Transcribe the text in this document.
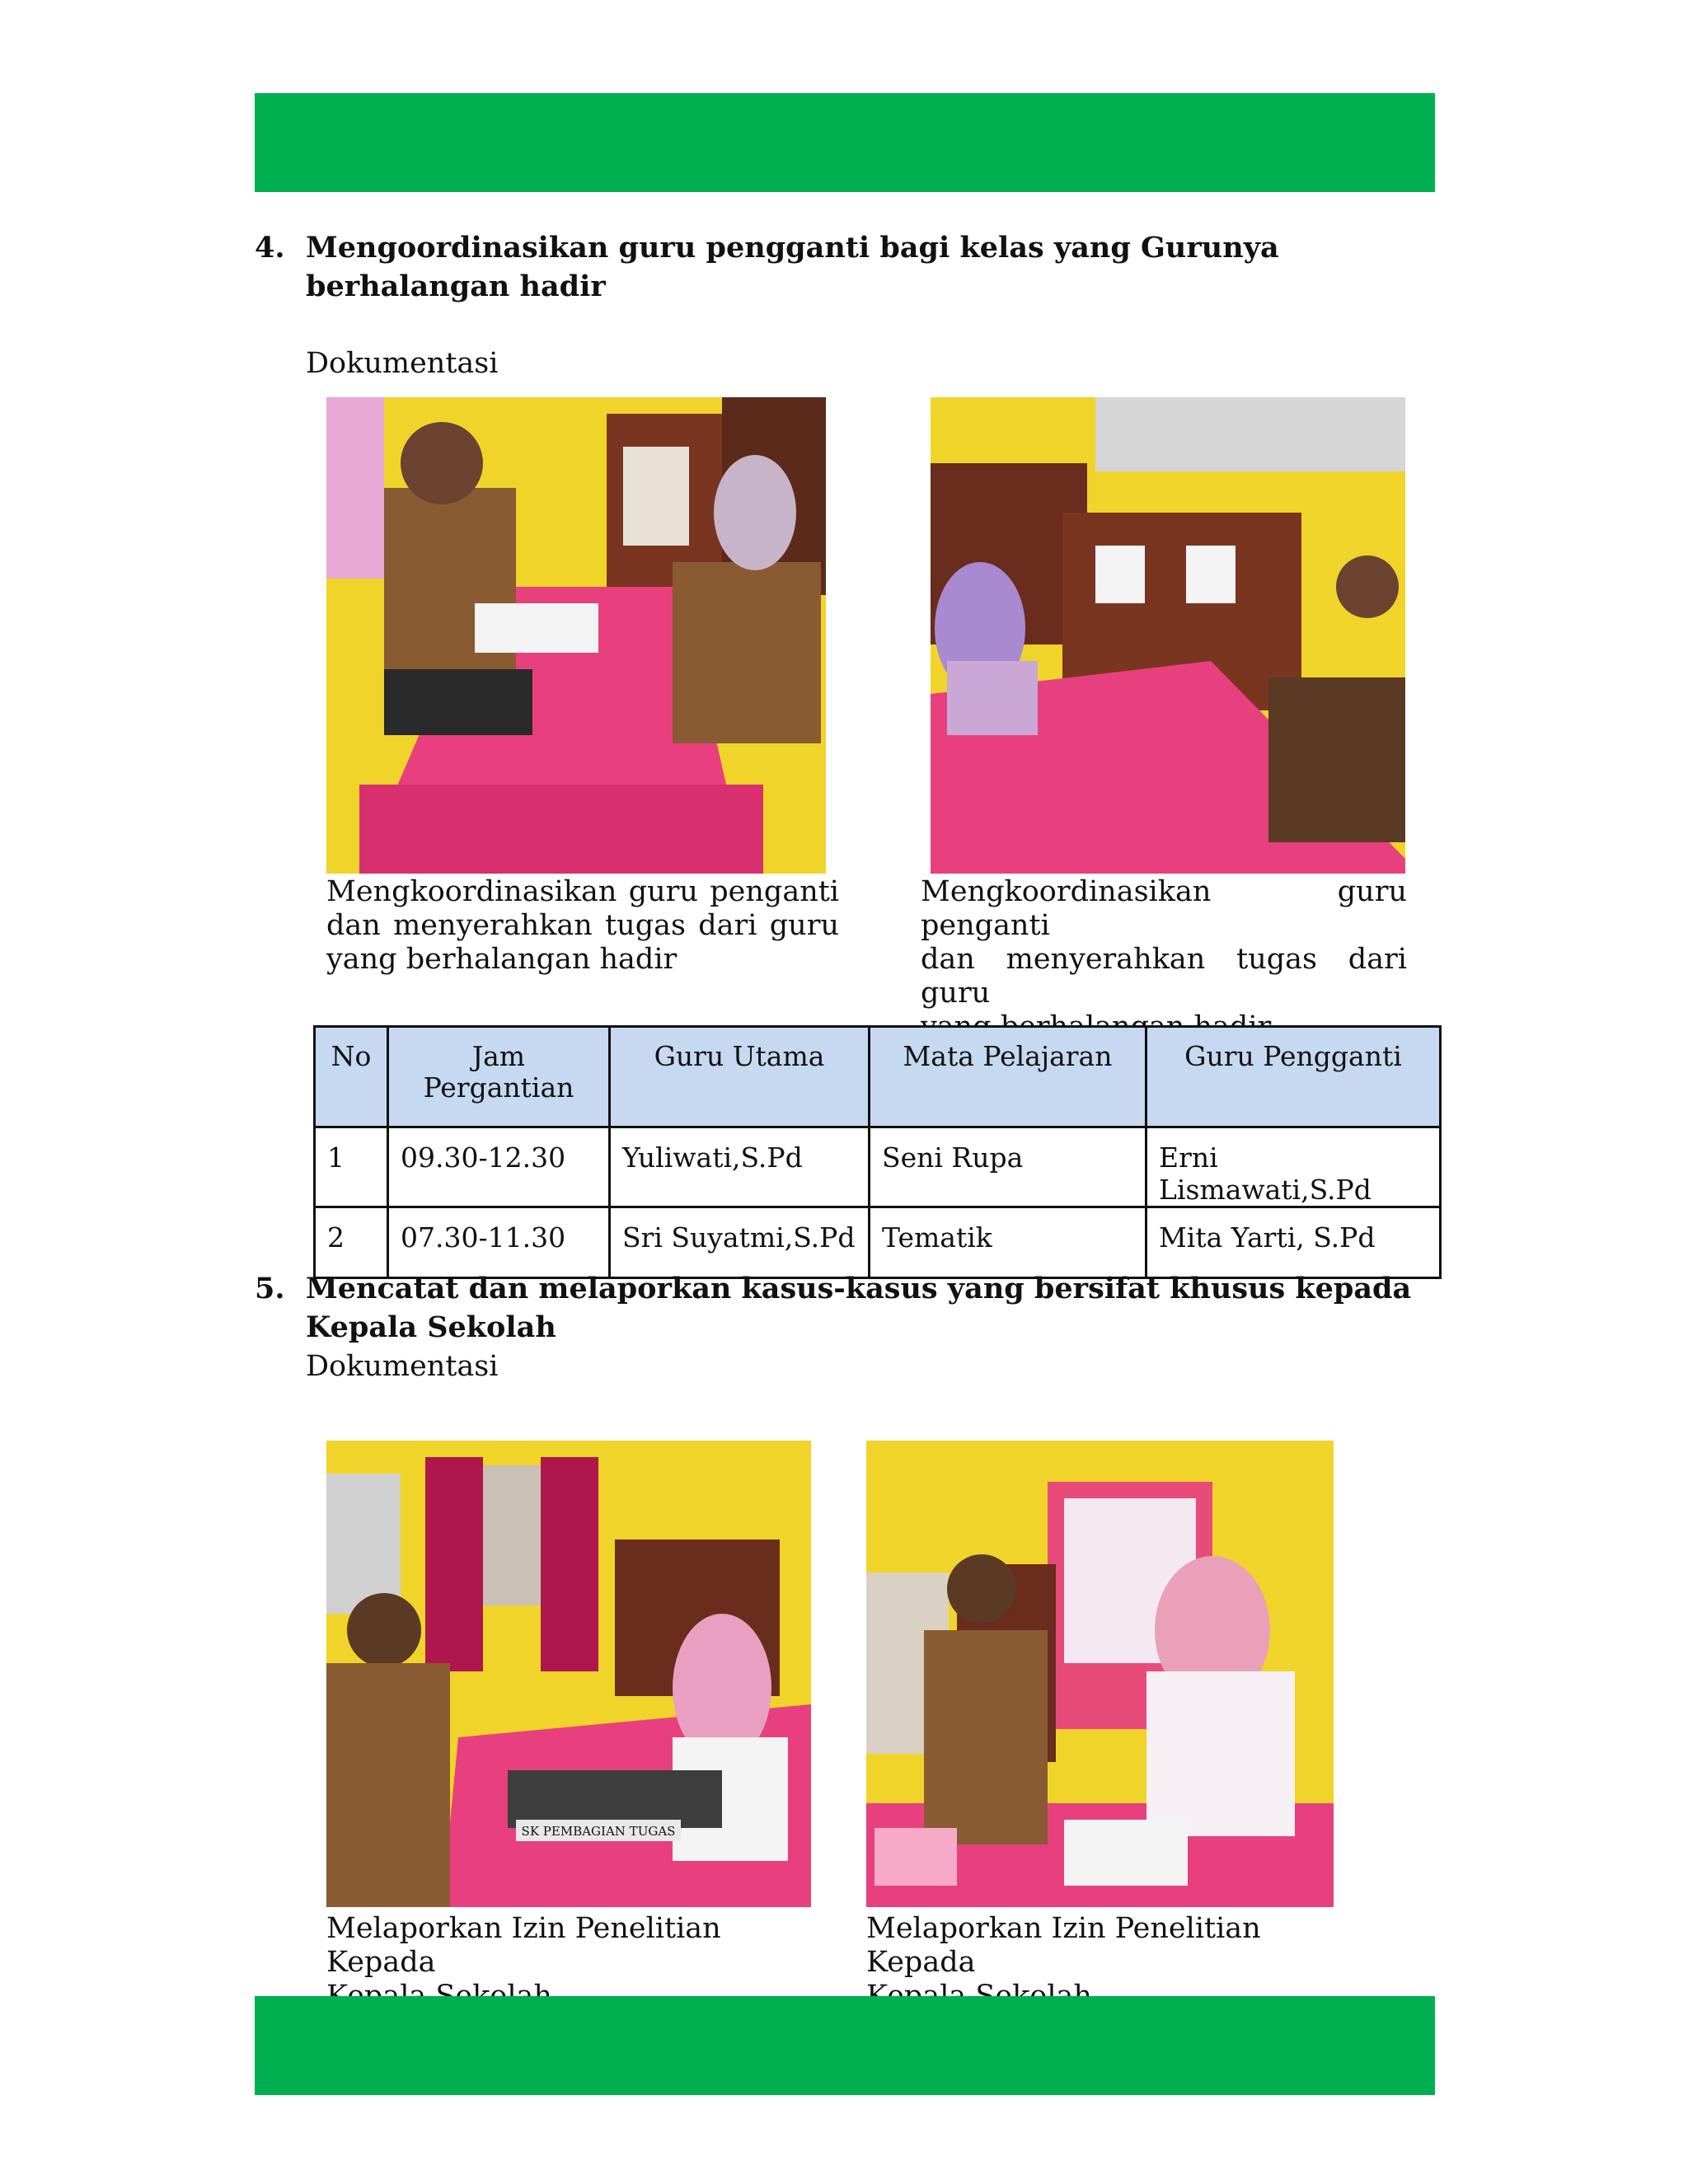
4. Mengoordinasikan guru pengganti bagi kelas yang Gurunya berhalangan hadir
Dokumentasi
Mengkoordinasikan guru penganti
dan menyerahkan tugas dari guru
yang berhalangan hadir
Mengkoordinasikan guru penganti
dan menyerahkan tugas dari guru
No	Jam Pergantian	Guru Utama	Mata Pelajaran	Guru Pengganti
1	09.30-12.30	Yuliwati,S.Pd	Seni Rupa	Erni Lismawati,S.Pd
2	07.30-11.30	Sri Suyatmi,S.Pd	Tematik	Mita Yarti, S.Pd
5. Mencatat dan melaporkan kasus-kasus yang bersifat khusus kepada Kepala Sekolah
Dokumentasi
SK PEMBAGIAN TUGAS
Melaporkan Izin Penelitian Kepada
Melaporkan Izin Penelitian Kepada
